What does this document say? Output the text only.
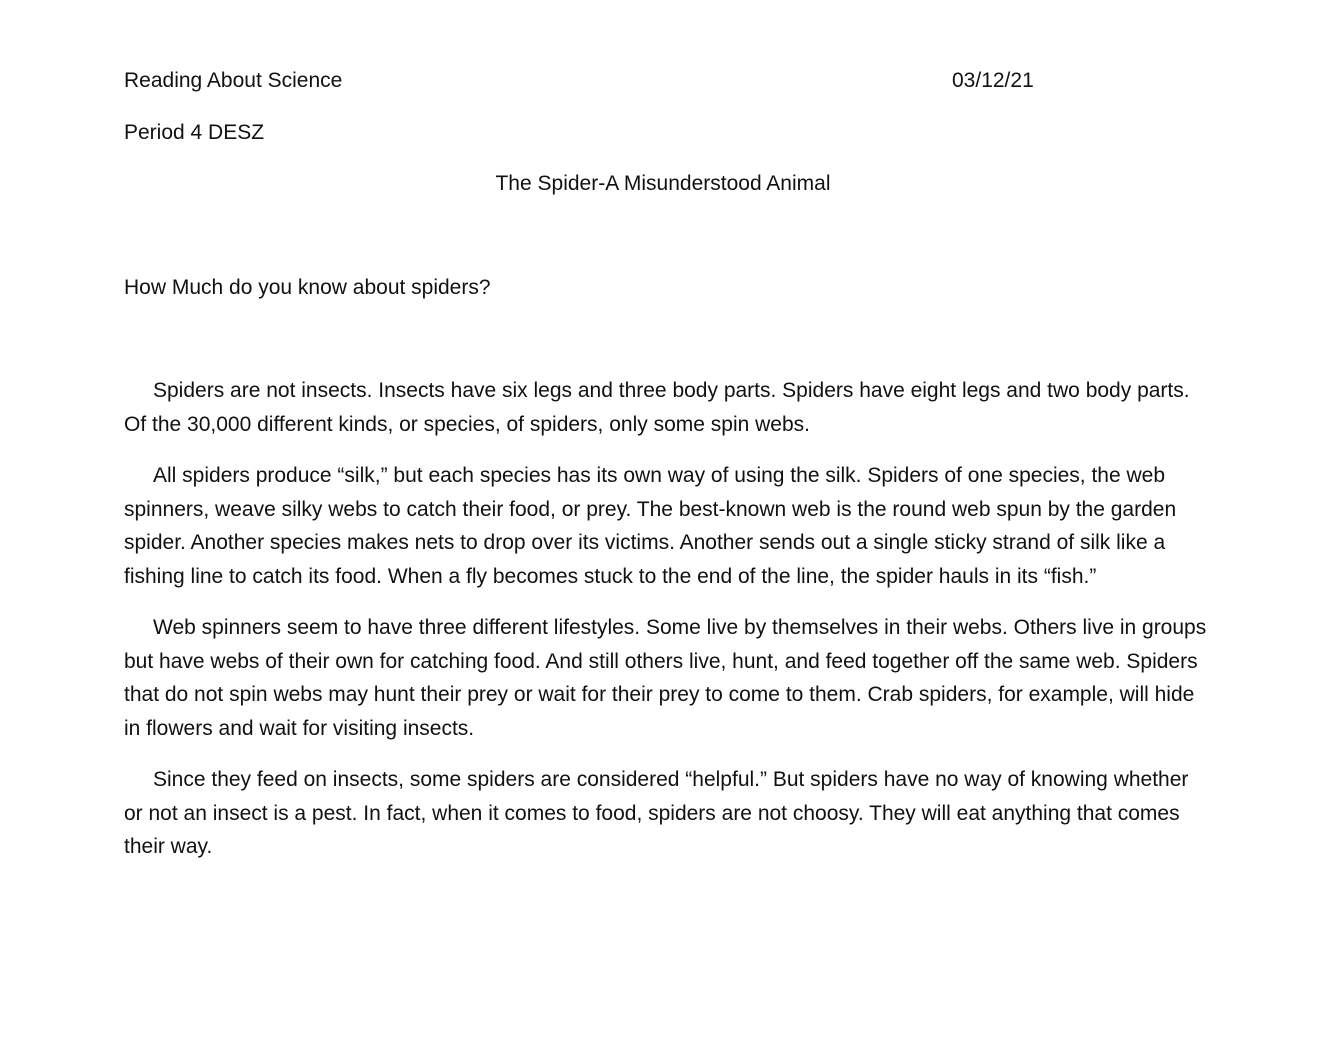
Reading About Science	03/12/21
Period 4 DESZ
The Spider-A Misunderstood Animal
How Much do you know about spiders?

Spiders are not insects. Insects have six legs and three body parts. Spiders have eight legs and two body parts. Of the 30,000 different kinds, or species, of spiders, only some spin webs.

All spiders produce “silk,” but each species has its own way of using the silk. Spiders of one species, the web spinners, weave silky webs to catch their food, or prey. The best-known web is the round web spun by the garden spider. Another species makes nets to drop over its victims. Another sends out a single sticky strand of silk like a fishing line to catch its food. When a fly becomes stuck to the end of the line, the spider hauls in its “fish.”

Web spinners seem to have three different lifestyles. Some live by themselves in their webs. Others live in groups but have webs of their own for catching food. And still others live, hunt, and feed together off the same web. Spiders that do not spin webs may hunt their prey or wait for their prey to come to them. Crab spiders, for example, will hide in flowers and wait for visiting insects.

Since they feed on insects, some spiders are considered “helpful.” But spiders have no way of knowing whether or not an insect is a pest. In fact, when it comes to food, spiders are not choosy. They will eat anything that comes their way.
